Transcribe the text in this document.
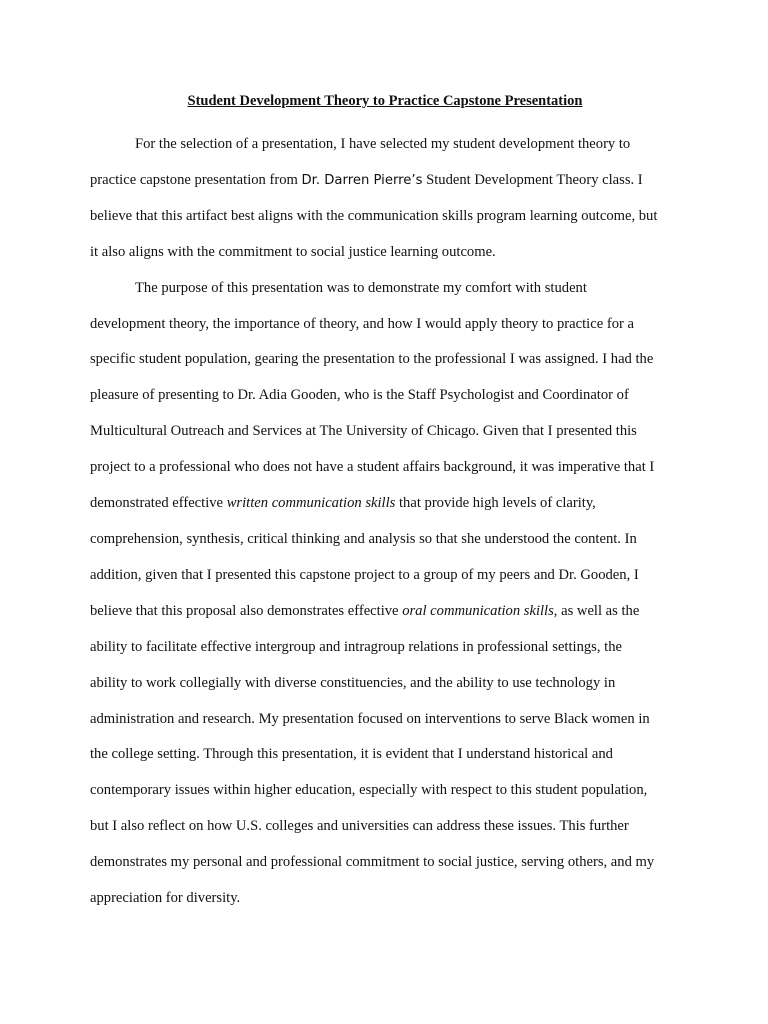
Student Development Theory to Practice Capstone Presentation

For the selection of a presentation, I have selected my student development theory to
practice capstone presentation from Dr. Darren Pierre’s Student Development Theory class. I
believe that this artifact best aligns with the communication skills program learning outcome, but
it also aligns with the commitment to social justice learning outcome.

The purpose of this presentation was to demonstrate my comfort with student
development theory, the importance of theory, and how I would apply theory to practice for a
specific student population, gearing the presentation to the professional I was assigned. I had the
pleasure of presenting to Dr. Adia Gooden, who is the Staff Psychologist and Coordinator of
Multicultural Outreach and Services at The University of Chicago. Given that I presented this
project to a professional who does not have a student affairs background, it was imperative that I
demonstrated effective written communication skills that provide high levels of clarity,
comprehension, synthesis, critical thinking and analysis so that she understood the content. In
addition, given that I presented this capstone project to a group of my peers and Dr. Gooden, I
believe that this proposal also demonstrates effective oral communication skills, as well as the
ability to facilitate effective intergroup and intragroup relations in professional settings, the
ability to work collegially with diverse constituencies, and the ability to use technology in
administration and research. My presentation focused on interventions to serve Black women in
the college setting. Through this presentation, it is evident that I understand historical and
contemporary issues within higher education, especially with respect to this student population,
but I also reflect on how U.S. colleges and universities can address these issues. This further
demonstrates my personal and professional commitment to social justice, serving others, and my
appreciation for diversity.
